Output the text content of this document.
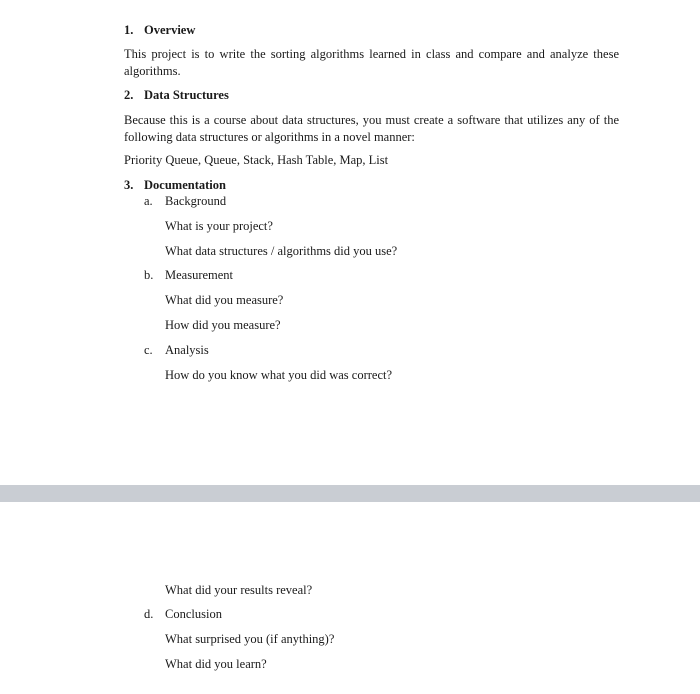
1. Overview
This project is to write the sorting algorithms learned in class and compare and analyze these algorithms.
2. Data Structures
Because this is a course about data structures, you must create a software that utilizes any of the following data structures or algorithms in a novel manner:
Priority Queue, Queue, Stack, Hash Table, Map, List
3. Documentation
a. Background
What is your project?
What data structures / algorithms did you use?
b. Measurement
What did you measure?
How did you measure?
c. Analysis
How do you know what you did was correct?
What did your results reveal?
d. Conclusion
What surprised you (if anything)?
What did you learn?
